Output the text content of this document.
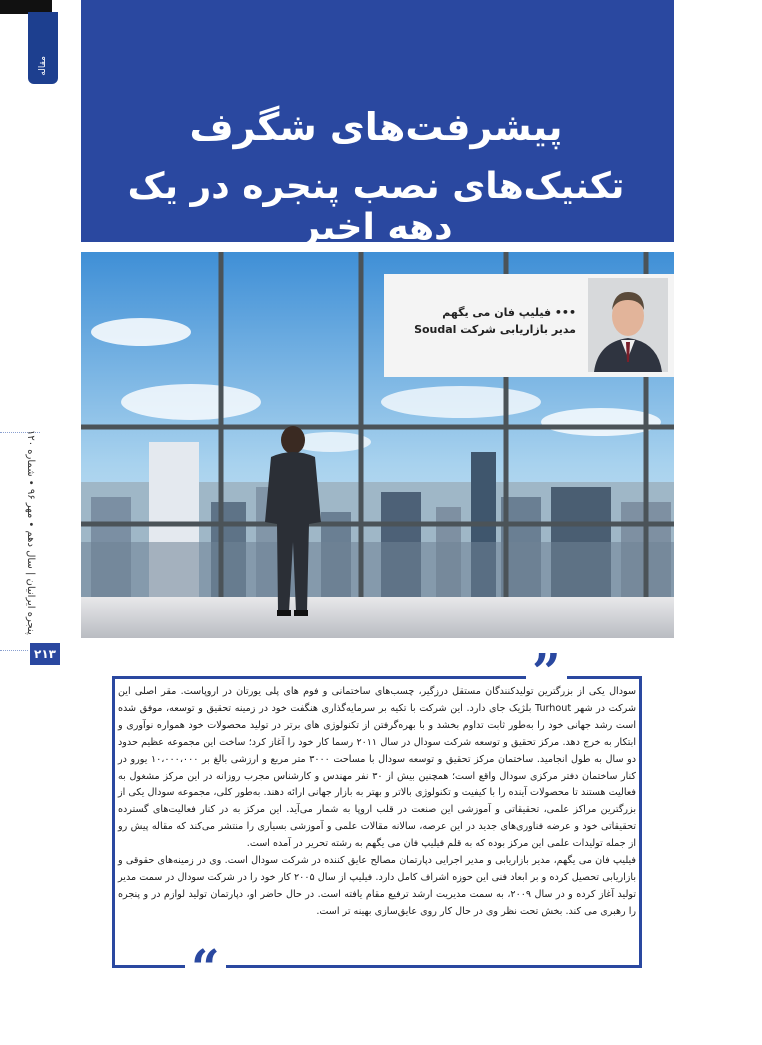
مقاله
پیشرفت‌های شگرف
تکنیک‌های نصب پنجره در یک دهه اخیر
••• فیلیپ فان می یگهم
مدیر بازاریابی شرکت Soudal
پنجره ایرانیان | سال دهم • مهر ۹۶ • شماره ۱۲۰
۲۱۳	”
“

سودال یکی از بزرگترین تولیدکنندگان مستقل درزگیر، چسب‌های ساختمانی و فوم های پلی یورتان در اروپاست. مقر اصلی این شرکت در شهر Turhout بلژیک جای دارد. این شرکت با تکیه بر سرمایه‌گذاری هنگفت خود در زمینه تحقیق و توسعه، موفق شده است رشد جهانی خود را به‌طور ثابت تداوم بخشد و با بهره‌گرفتن از تکنولوژی های برتر در تولید محصولات خود همواره نوآوری و ابتکار به خرج دهد. مرکز تحقیق و توسعه شرکت سودال در سال ۲۰۱۱ رسما کار خود را آغاز کرد؛ ساخت این مجموعه عظیم حدود دو سال به طول انجامید. ساختمان مرکز تحقیق و توسعه سودال با مساحت ۳۰۰۰ متر مربع و ارزشی بالغ بر ۱۰،۰۰۰،۰۰۰ یورو در کنار ساختمان دفتر مرکزی سودال واقع است؛ همچنین بیش از ۳۰ نفر مهندس و کارشناس مجرب روزانه در این مرکز مشغول به فعالیت هستند تا محصولات آینده را با کیفیت و تکنولوژی بالاتر و بهتر به بازار جهانی ارائه دهند. به‌طور کلی، مجموعه سودال یکی از بزرگترین مراکز علمی، تحقیقاتی و آموزشی این صنعت در قلب اروپا به شمار می‌آید. این مرکز به در کنار فعالیت‌های گسترده تحقیقاتی خود و عرضه فناوری‌های جدید در این عرصه، سالانه مقالات علمی و آموزشی بسیاری را منتشر می‌کند که مقاله پیش رو از جمله تولیدات علمی این مرکز بوده که به قلم فیلیپ فان می یگهم به رشته تحریر در آمده است.

فیلیپ فان می یگهم، مدیر بازاریابی و مدیر اجرایی دپارتمان مصالح عایق کننده در شرکت سودال است. وی در زمینه‌های حقوقی و بازاریابی تحصیل کرده و بر ابعاد فنی این حوزه اشراف کامل دارد. فیلیپ از سال ۲۰۰۵ کار خود را در شرکت سودال در سمت مدیر تولید آغاز کرده و در سال ۲۰۰۹، به سمت مدیریت ارشد ترفیع مقام یافته است. در حال حاضر او، دپارتمان تولید لوازم در و پنجره را رهبری می کند. بخش تحت نظر وی در حال کار روی عایق‌سازی بهینه تر است.
